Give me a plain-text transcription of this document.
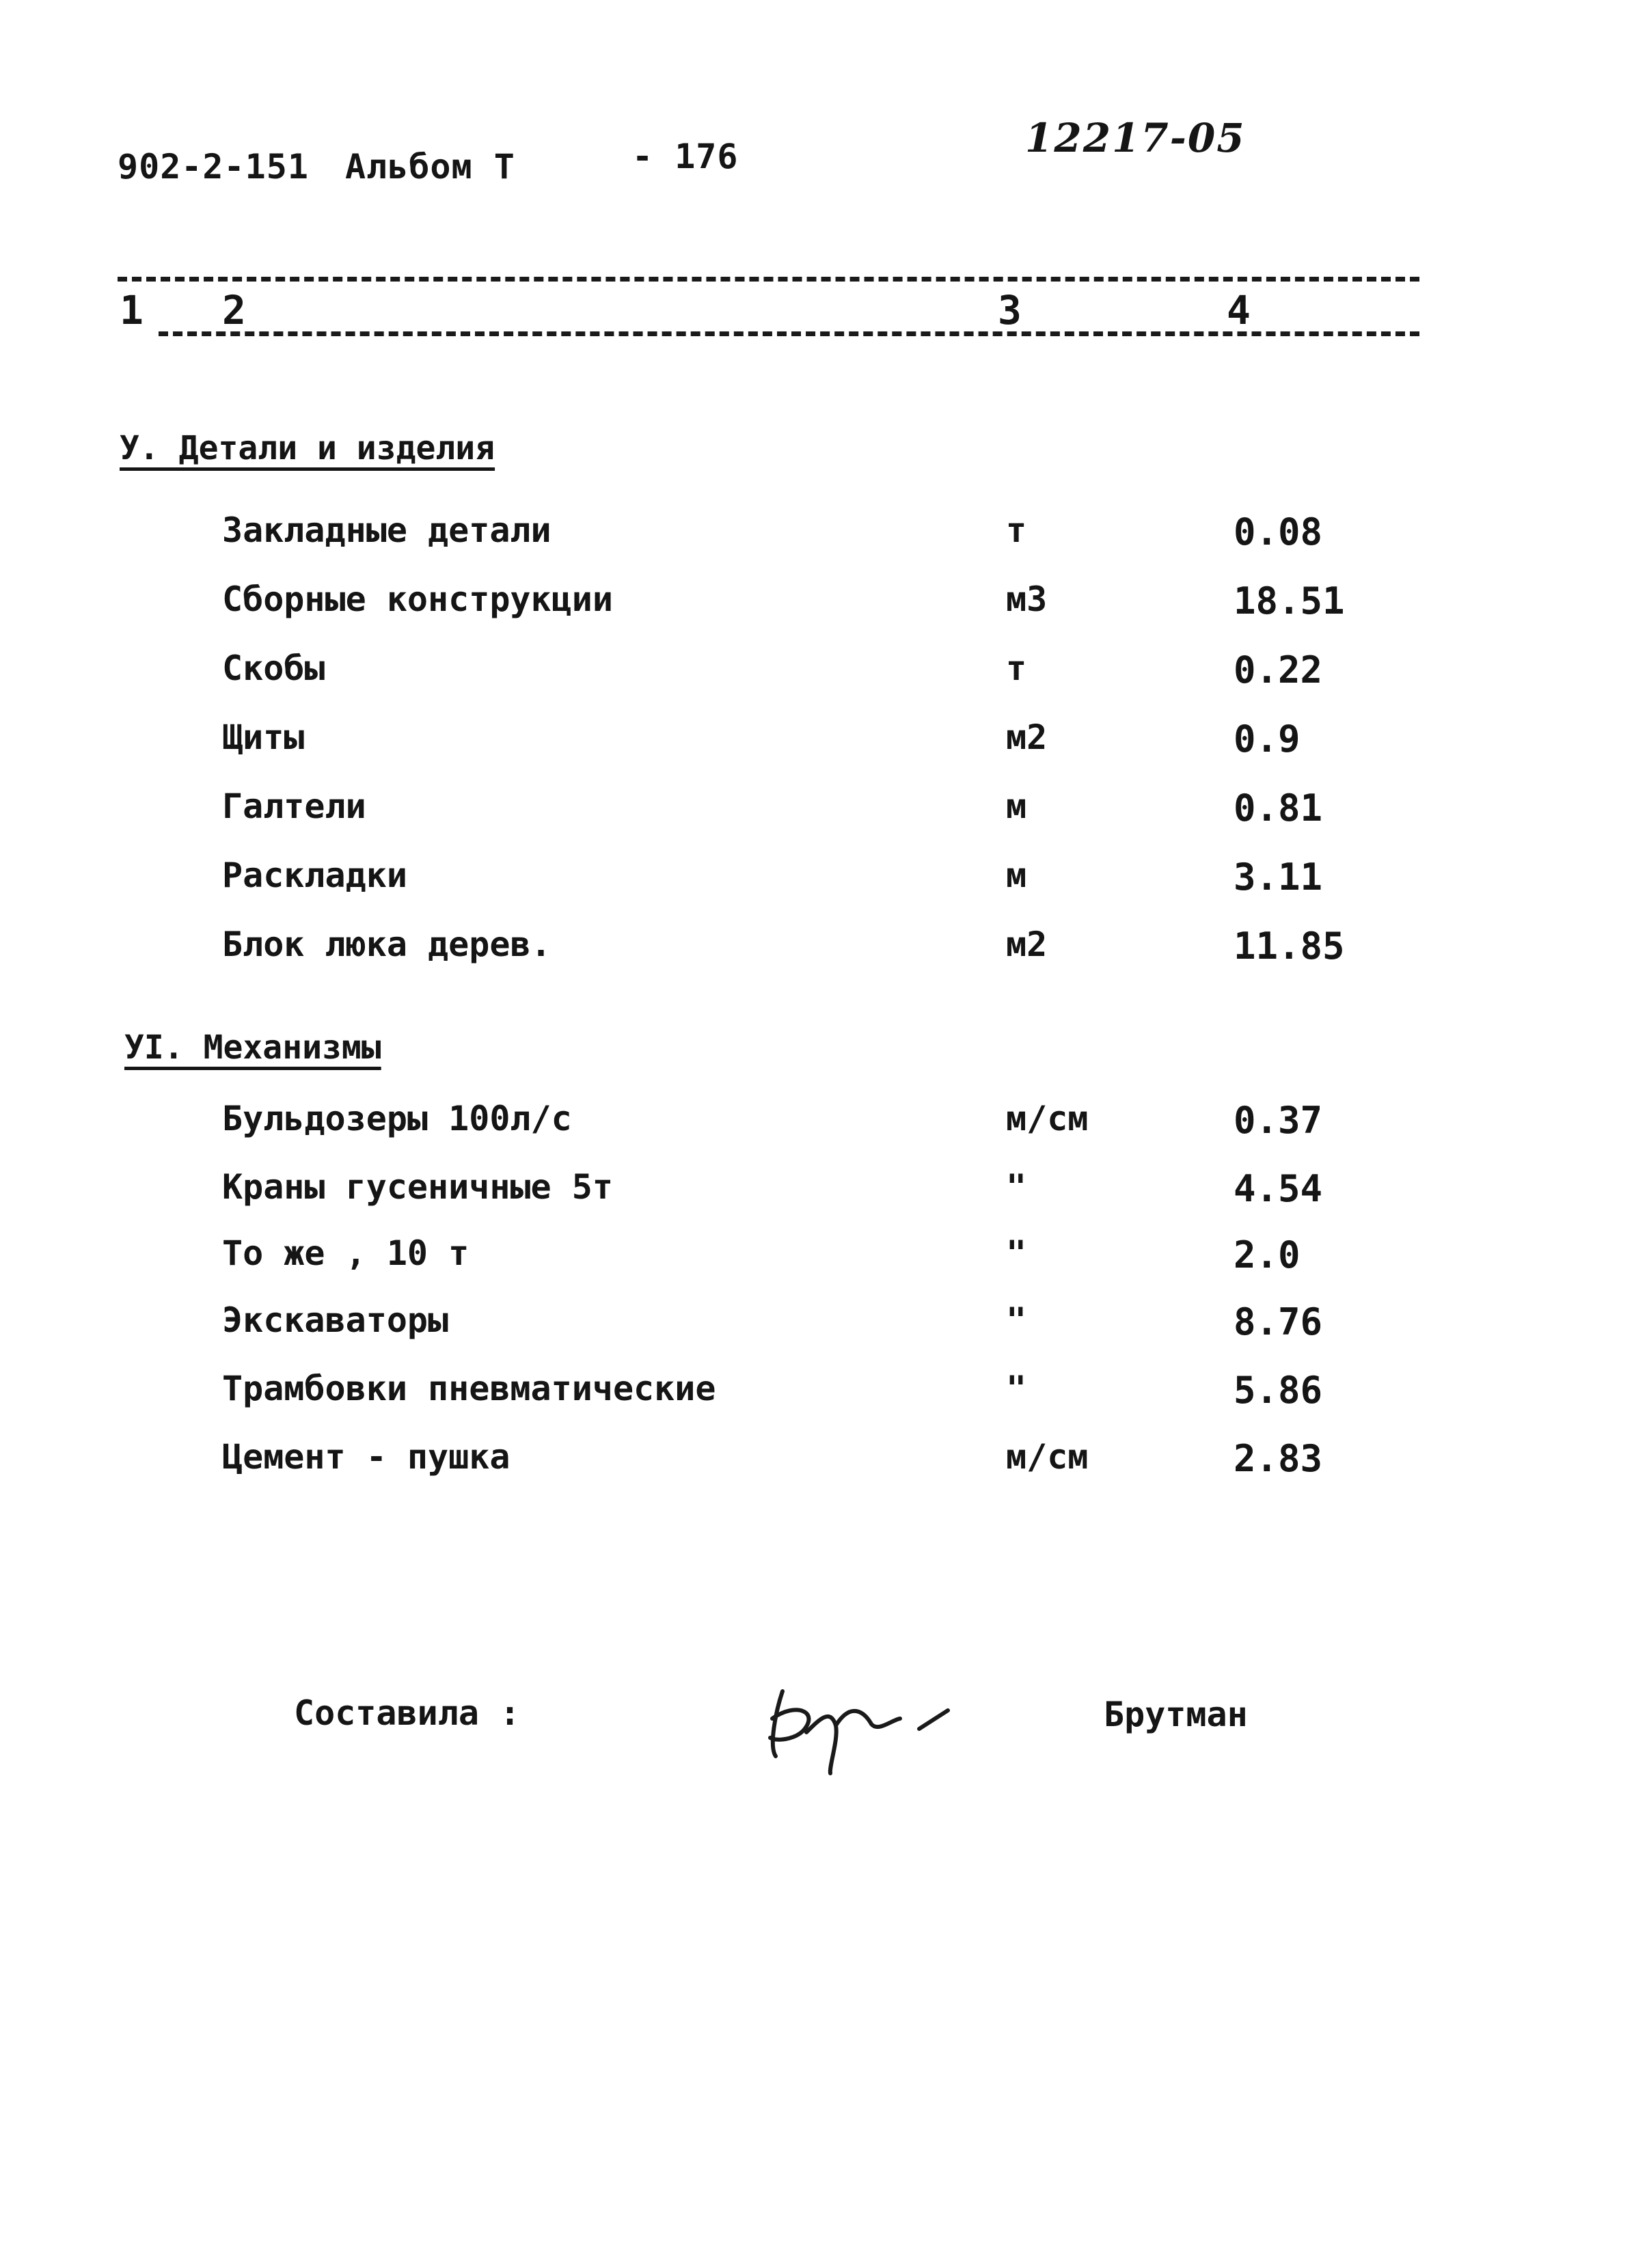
902-2-151 Альбом Т	- 176	12217-05
1 2	3	4
У. Детали и изделия
Закладные детали	т	0.08
Сборные конструкции	м3	18.51
Скобы	т	0.22
Щиты	м2	0.9
Галтели	м	0.81
Раскладки	м	3.11
Блок люка дерев.	м2	11.85
УI. Механизмы
Бульдозеры 100л/с	м/см	0.37
Краны гусеничные 5т	"	4.54
То же , 10 т	"	2.0
Экскаваторы	"	8.76
Трамбовки пневматические	"	5.86
Цемент - пушка	м/см	2.83
Составила :	Брутман
